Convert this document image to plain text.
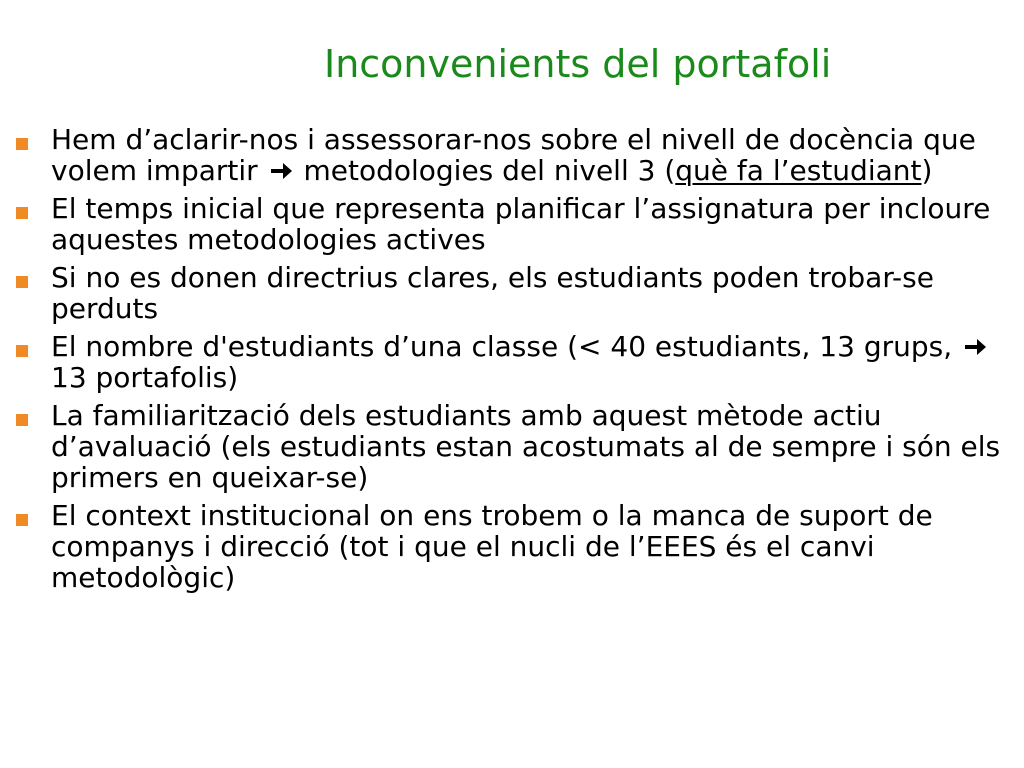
Inconvenients del portafoli
Hem d’aclarir-nos i assessorar-nos sobre el nivell de docència que volem impartir metodologies del nivell 3 (què fa l’estudiant)
El temps inicial que representa planificar l’assignatura per incloure aquestes metodologies actives
Si no es donen directrius clares, els estudiants poden trobar-se perduts
El nombre d'estudiants d’una classe (< 40 estudiants, 13 grups,  13 portafolis)
La familiarització dels estudiants amb aquest mètode actiu d’avaluació (els estudiants estan acostumats al de sempre i són els primers en queixar-se)
El context institucional on ens trobem o la manca de suport de companys i direcció (tot i que el nucli de l’EEES és el canvi metodològic)
